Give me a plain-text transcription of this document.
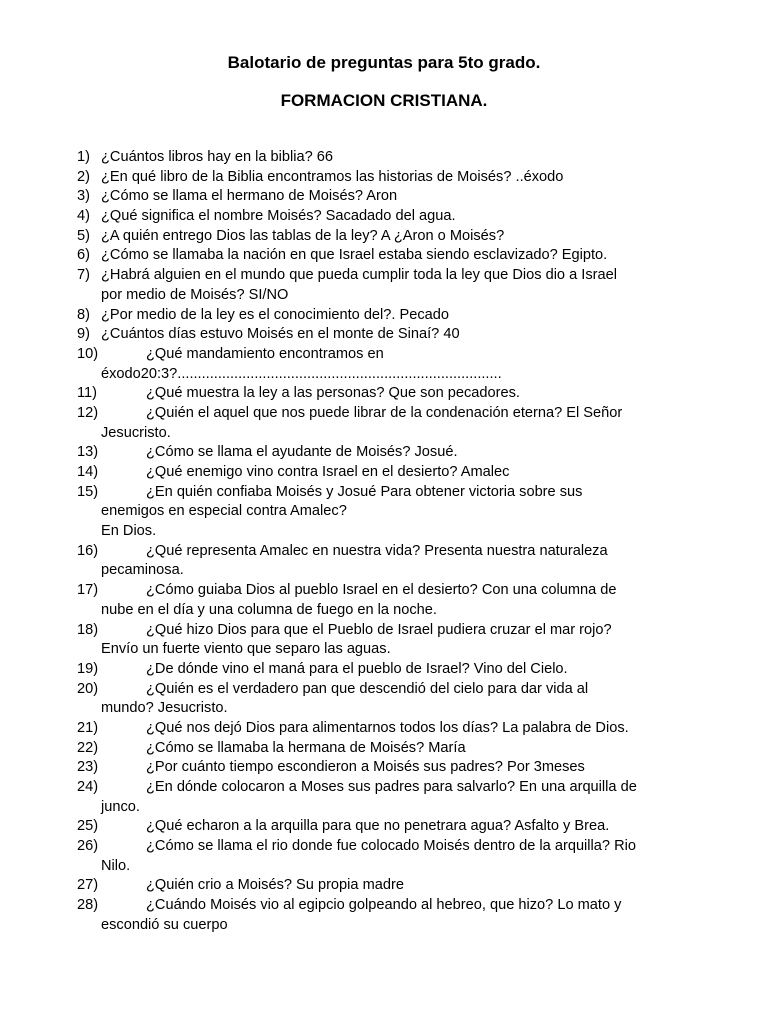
Balotario de preguntas para 5to grado.
FORMACION CRISTIANA.
1) ¿Cuántos libros hay en la biblia? 66
2) ¿En qué libro de la Biblia encontramos las historias de Moisés? ..éxodo
3) ¿Cómo se llama el hermano de Moisés? Aron
4) ¿Qué significa el nombre Moisés? Sacadado del agua.
5) ¿A quién entrego Dios las tablas de la ley? A ¿Aron o Moisés?
6) ¿Cómo se llamaba la nación en que Israel estaba siendo esclavizado? Egipto.
7) ¿Habrá alguien en el mundo que pueda cumplir toda la ley que Dios dio a Israel
por medio de Moisés? SI/NO
8) ¿Por medio de la ley es el conocimiento del?. Pecado
9) ¿Cuántos días estuvo Moisés en el monte de Sinaí? 40
10)	¿Qué mandamiento encontramos en
éxodo20:3?................................................................................
11)	¿Qué muestra la ley a las personas? Que son pecadores.
12)	¿Quién el aquel que nos puede librar de la condenación eterna? El Señor
Jesucristo.
13)	¿Cómo se llama el ayudante de Moisés? Josué.
14)	¿Qué enemigo vino contra Israel en el desierto? Amalec
15)	¿En quién confiaba Moisés y Josué Para obtener victoria sobre sus
enemigos en especial contra Amalec?
En Dios.
16)	¿Qué representa Amalec en nuestra vida? Presenta nuestra naturaleza
pecaminosa.
17)	¿Cómo guiaba Dios al pueblo Israel en el desierto? Con una columna de
nube en el día y una columna de fuego en la noche.
18)	¿Qué hizo Dios para que el Pueblo de Israel pudiera cruzar el mar rojo?
Envío un fuerte viento que separo las aguas.
19)	¿De dónde vino el maná para el pueblo de Israel? Vino del Cielo.
20)	¿Quién es el verdadero pan que descendió del cielo para dar vida al
mundo? Jesucristo.
21)	¿Qué nos dejó Dios para alimentarnos todos los días? La palabra de Dios.
22)	¿Cómo se llamaba la hermana de Moisés? María
23)	¿Por cuánto tiempo escondieron a Moisés sus padres? Por 3meses
24)	¿En dónde colocaron a Moses sus padres para salvarlo? En una arquilla de
junco.
25)	¿Qué echaron a la arquilla para que no penetrara agua? Asfalto y Brea.
26)	¿Cómo se llama el rio donde fue colocado Moisés dentro de la arquilla? Rio
Nilo.
27)	¿Quién crio a Moisés? Su propia madre
28)	¿Cuándo Moisés vio al egipcio golpeando al hebreo, que hizo? Lo mato y
escondió su cuerpo
